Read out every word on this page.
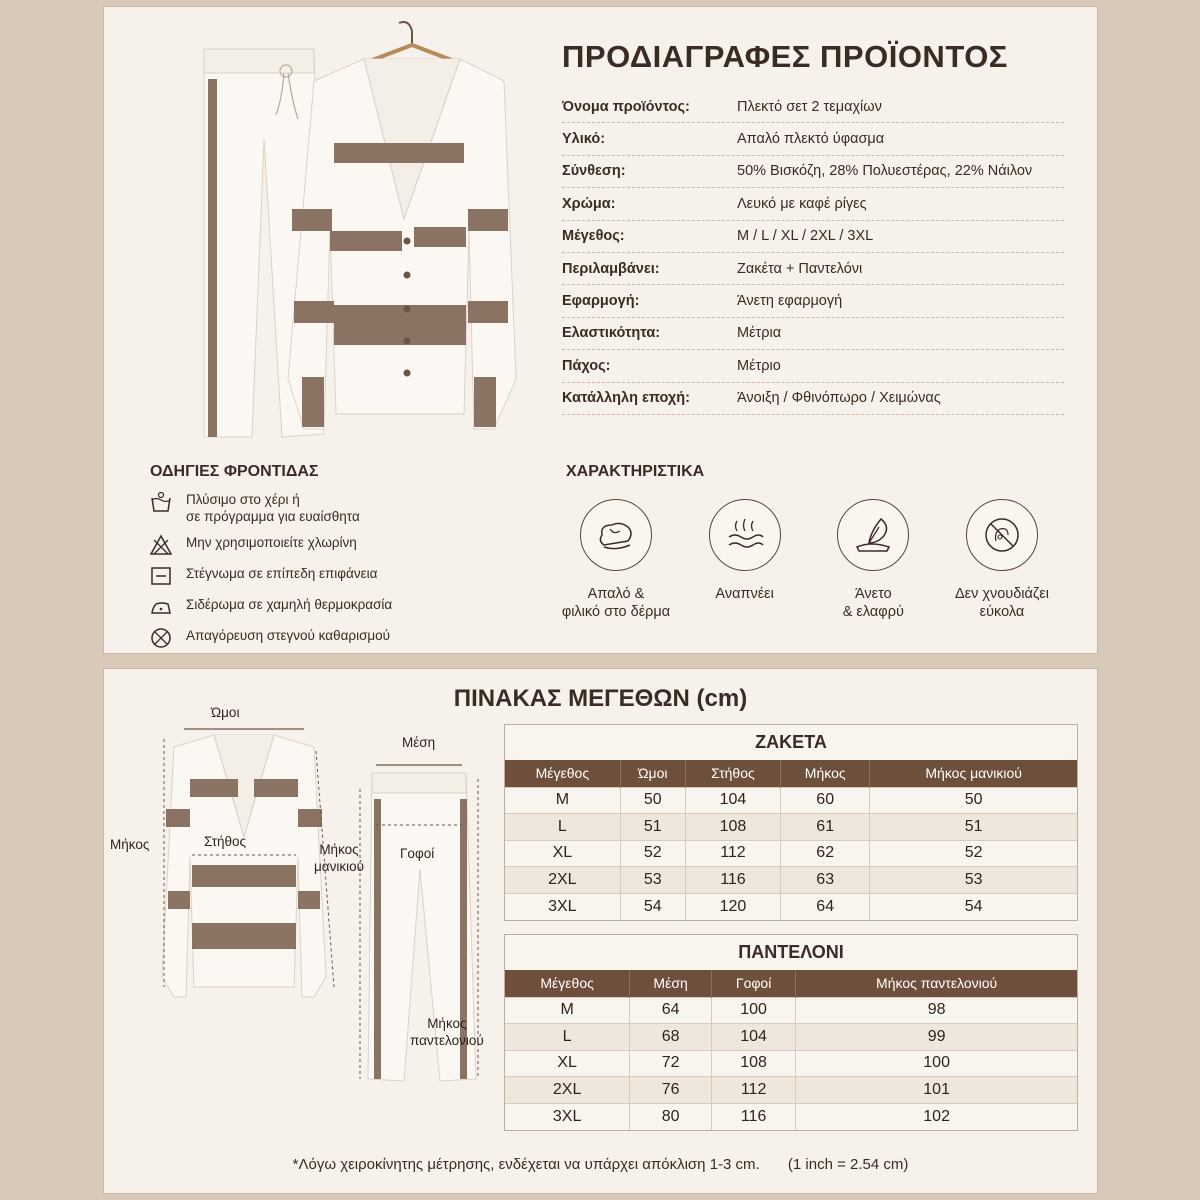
ΠΡΟΔΙΑΓΡΑΦΕΣ ΠΡΟΪΟΝΤΟΣ
Όνομα προϊόντος:	Πλεκτό σετ 2 τεμαχίων
Υλικό:	Απαλό πλεκτό ύφασμα
Σύνθεση:	50% Βισκόζη, 28% Πολυεστέρας, 22% Νάιλον
Χρώμα:	Λευκό με καφέ ρίγες
Μέγεθος:	M / L / XL / 2XL / 3XL
Περιλαμβάνει:	Ζακέτα + Παντελόνι
Εφαρμογή:	Άνετη εφαρμογή
Ελαστικότητα:	Μέτρια
Πάχος:	Μέτριο
Κατάλληλη εποχή:	Άνοιξη / Φθινόπωρο / Χειμώνας
ΟΔΗΓΙΕΣ ΦΡΟΝΤΙΔΑΣ
Πλύσιμο στο χέρι ή
σε πρόγραμμα για ευαίσθητα
Μην χρησιμοποιείτε χλωρίνη
Στέγνωμα σε επίπεδη επιφάνεια
Σιδέρωμα σε χαμηλή θερμοκρασία
Απαγόρευση στεγνού καθαρισμού
ΧΑΡΑΚΤΗΡΙΣΤΙΚΑ
Απαλό &
φιλικό στο δέρμα
Αναπνέει	Άνετο
& ελαφρύ
Δεν χνουδιάζει
εύκολα
ΠΙΝΑΚΑΣ ΜΕΓΕΘΩΝ (cm)
Ώμοι
Στήθος
Μήκος	Μήκος
μανικιού
Μέση
Γοφοί
Μήκος
παντελονιού
ΖΑΚΕΤΑ
Μέγεθος	Ώμοι	Στήθος	Μήκος	Μήκος μανικιού
M	50	104	60	50
L	51	108	61	51
XL	52	112	62	52
2XL	53	116	63	53
3XL	54	120	64	54
ΠΑΝΤΕΛΟΝΙ
Μέγεθος	Μέση	Γοφοί	Μήκος παντελονιού
M	64	100	98
L	68	104	99
XL	72	108	100
2XL	76	112	101
3XL	80	116	102
*Λόγω χειροκίνητης μέτρησης, ενδέχεται να υπάρχει απόκλιση 1-3 cm. (1 inch = 2.54 cm)
